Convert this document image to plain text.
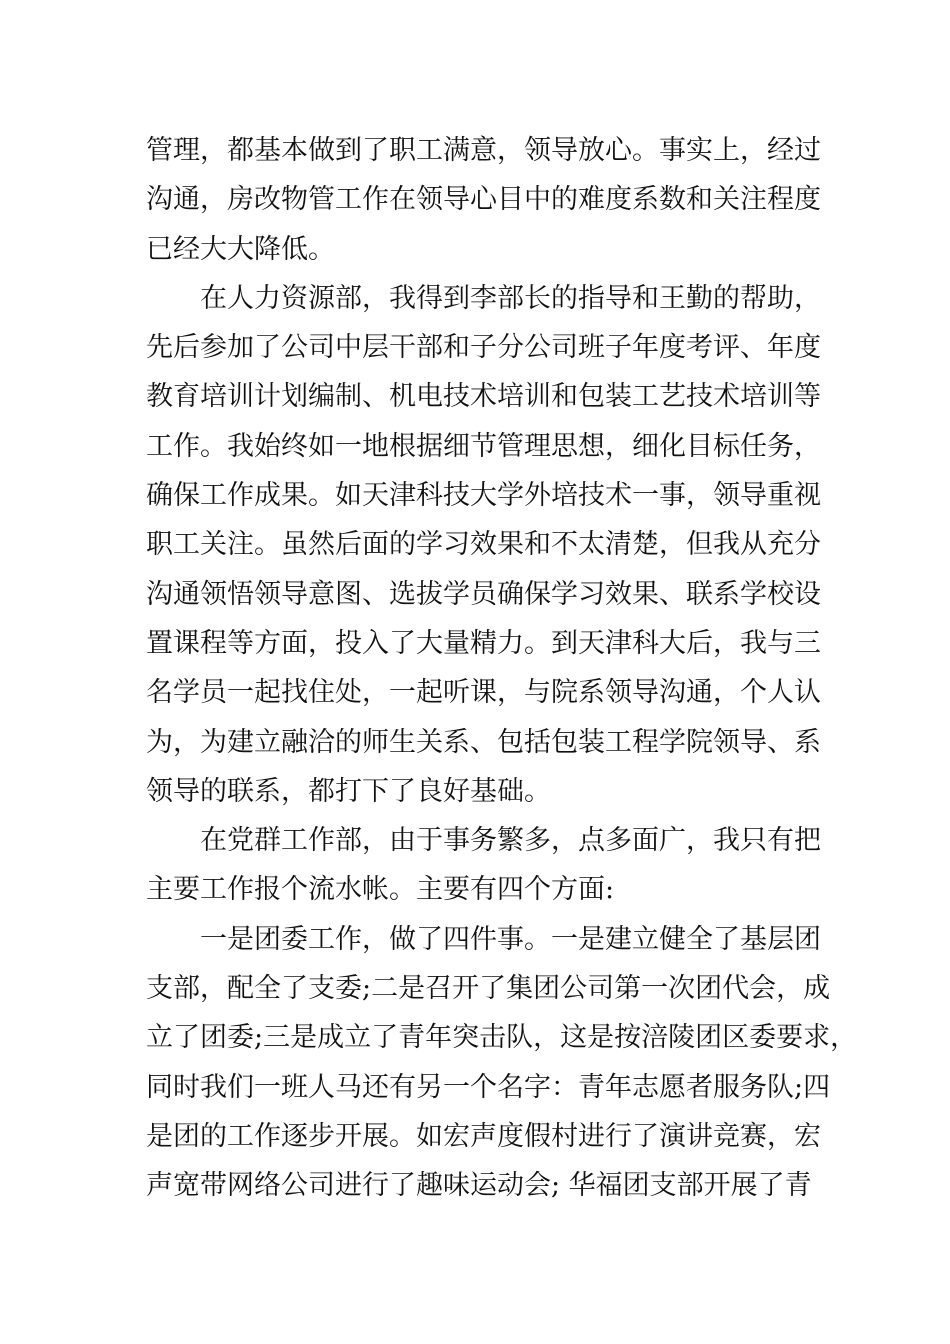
管理，都基本做到了职工满意，领导放心。事实上，经过
沟通，房改物管工作在领导心目中的难度系数和关注程度
已经大大降低。
在人力资源部，我得到李部长的指导和王勤的帮助，
先后参加了公司中层干部和子分公司班子年度考评、年度
教育培训计划编制、机电技术培训和包装工艺技术培训等
工作。我始终如一地根据细节管理思想，细化目标任务，
确保工作成果。如天津科技大学外培技术一事，领导重视
职工关注。虽然后面的学习效果和不太清楚，但我从充分
沟通领悟领导意图、选拔学员确保学习效果、联系学校设
置课程等方面，投入了大量精力。到天津科大后，我与三
名学员一起找住处，一起听课，与院系领导沟通，个人认
为，为建立融洽的师生关系、包括包装工程学院领导、系
领导的联系，都打下了良好基础。
在党群工作部，由于事务繁多，点多面广，我只有把
主要工作报个流水帐。主要有四个方面:
一是团委工作，做了四件事。一是建立健全了基层团
支部，配全了支委;二是召开了集团公司第一次团代会，成
立了团委;三是成立了青年突击队，这是按涪陵团区委要求，
同时我们一班人马还有另一个名字：青年志愿者服务队;四
是团的工作逐步开展。如宏声度假村进行了演讲竞赛，宏
声宽带网络公司进行了趣味运动会; 华福团支部开展了青
